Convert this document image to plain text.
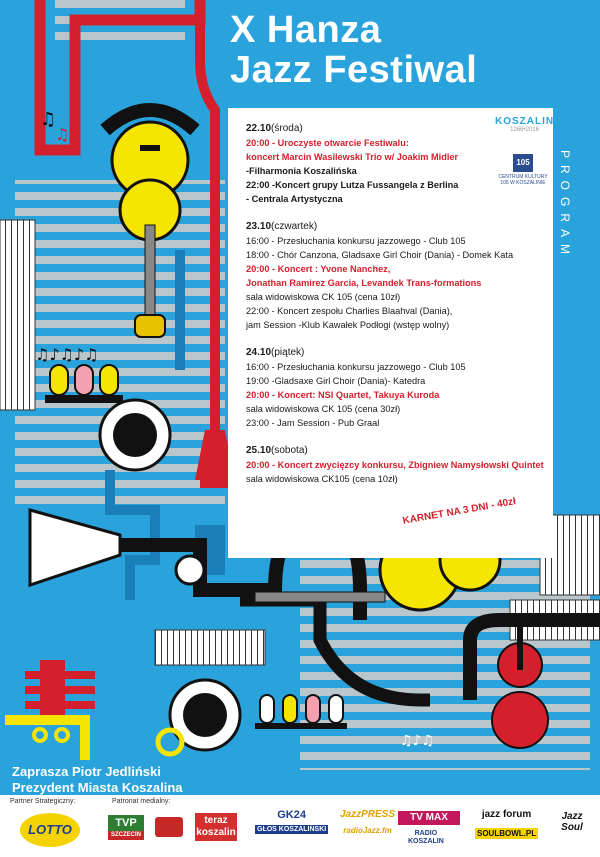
♫
♫
♫♪♫♪♫
♫♪♫
X Hanza
Jazz Festiwal
KOSZALIN
1266•2016
105
CENTRUM KULTURY 105 W KOSZALINIE
22.10(środa)
20:00 - Uroczyste otwarcie Festiwalu:
koncert Marcin Wasilewski Trio w/ Joakim Midler
-Filharmonia Koszalińska
22:00 -Koncert grupy Lutza Fussangela z Berlina
- Centrala Artystyczna
23.10(czwartek)
16:00 - Przesłuchania konkursu jazzowego - Club 105
18:00 - Chór Canzona, Gladsaxe Girl Choir (Dania) - Domek Kata
20:00 - Koncert : Yvone Nanchez,
Jonathan Ramirez Garcia, Levandek Trans-formations
sala widowiskowa CK 105 (cena 10zł)
22:00 - Koncert zespołu Charlies Blaahval (Dania),
jam Session -Klub Kawałek Podłogi (wstęp wolny)
24.10(piątek)
16:00 - Przesłuchania konkursu jazzowego - Club 105
19:00 -Gladsaxe Girl Choir (Dania)- Katedra
20:00 - Koncert: NSI Quartet, Takuya Kuroda
sala widowiskowa CK 105 (cena 30zł)
23:00 - Jam Session - Pub Graal
25.10(sobota)
20:00 - Koncert zwycięzcy konkursu, Zbigniew Namysłowski Quintet
sala widowiskowa CK105 (cena 10zł)
KARNET NA 3 DNI - 40zł
PROGRAM
Zaprasza Piotr Jedliński
Prezydent Miasta Koszalina
Partner Strategiczny:	Patronat medialny:
LOTTO	TVP
SZCZECIN
teraz
koszalin
GK24
GŁOS KOSZALIŃSKI
JazzPRESS
radioJazz.fm
TV MAX
RADIO
KOSZALIN
jazz forum
SOULBOWL.PL
Jazz Soul
